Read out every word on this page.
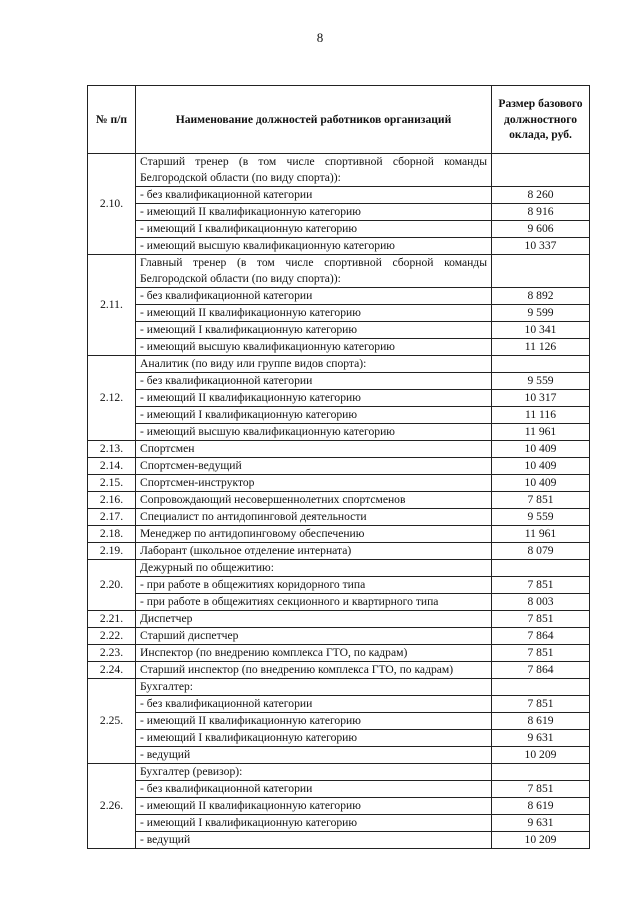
8
№ п/п	Наименование должностей работников организаций	Размер базового должностного оклада, руб.
2.10.	Старший тренер (в том числе спортивной сборной команды Белгородской области (по виду спорта)):	
	- без квалификационной категории	8 260
	- имеющий II квалификационную категорию	8 916
	- имеющий I квалификационную категорию	9 606
	- имеющий высшую квалификационную категорию	10 337
2.11.	Главный тренер (в том числе спортивной сборной команды Белгородской области (по виду спорта)):	
	- без квалификационной категории	8 892
	- имеющий II квалификационную категорию	9 599
	- имеющий I квалификационную категорию	10 341
	- имеющий высшую квалификационную категорию	11 126
2.12.	Аналитик (по виду или группе видов спорта):	
	- без квалификационной категории	9 559
	- имеющий II квалификационную категорию	10 317
	- имеющий I квалификационную категорию	11 116
	- имеющий высшую квалификационную категорию	11 961
2.13.	Спортсмен	10 409
2.14.	Спортсмен-ведущий	10 409
2.15.	Спортсмен-инструктор	10 409
2.16.	Сопровождающий несовершеннолетних спортсменов	7 851
2.17.	Специалист по антидопинговой деятельности	9 559
2.18.	Менеджер по антидопинговому обеспечению	11 961
2.19.	Лаборант (школьное отделение интерната)	8 079
2.20.	Дежурный по общежитию:	
	- при работе в общежитиях коридорного типа	7 851
	- при работе в общежитиях секционного и квартирного типа	8 003
2.21.	Диспетчер	7 851
2.22.	Старший диспетчер	7 864
2.23.	Инспектор (по внедрению комплекса ГТО, по кадрам)	7 851
2.24.	Старший инспектор (по внедрению комплекса ГТО, по кадрам)	7 864
2.25.	Бухгалтер:	
	- без квалификационной категории	7 851
	- имеющий II квалификационную категорию	8 619
	- имеющий I квалификационную категорию	9 631
	- ведущий	10 209
2.26.	Бухгалтер (ревизор):	
	- без квалификационной категории	7 851
	- имеющий II квалификационную категорию	8 619
	- имеющий I квалификационную категорию	9 631
	- ведущий	10 209
